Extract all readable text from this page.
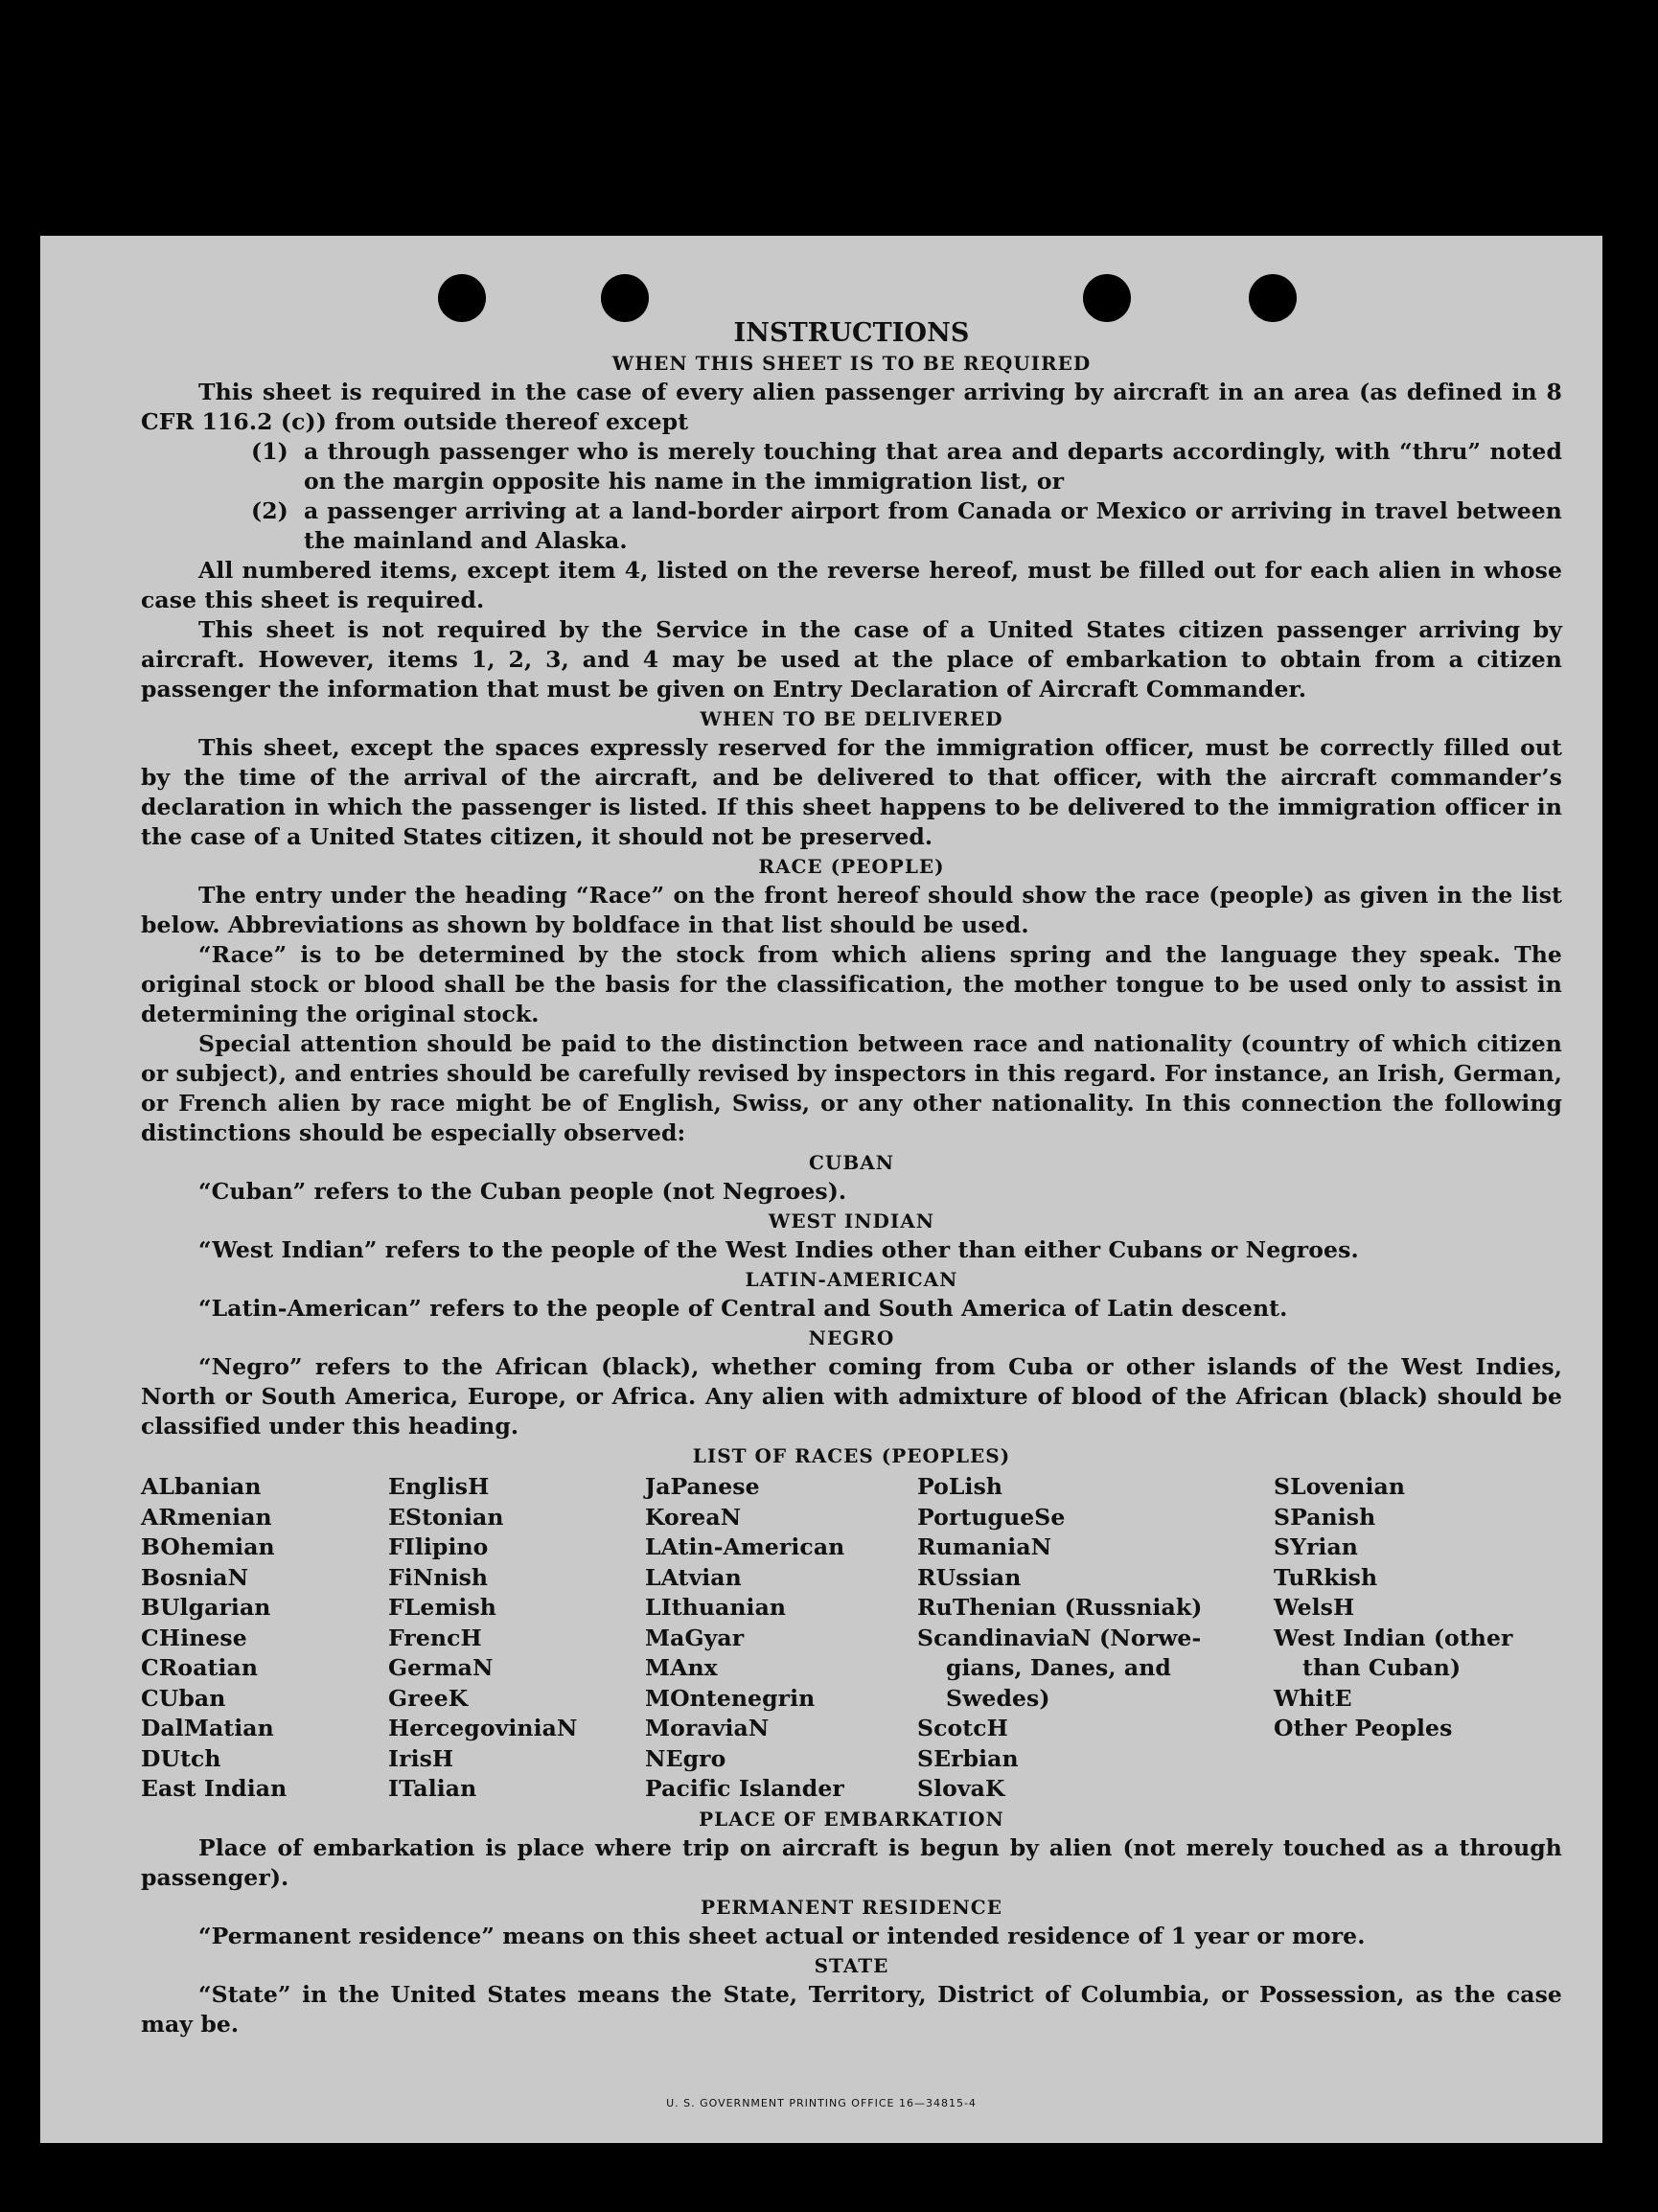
INSTRUCTIONS

WHEN THIS SHEET IS TO BE REQUIRED

This sheet is required in the case of every alien passenger arriving by aircraft in an area (as defined in 8 CFR 116.2 (c)) from outside thereof except

(1) a through passenger who is merely touching that area and departs accordingly, with “thru” noted on the margin opposite his name in the immigration list, or

(2) a passenger arriving at a land-border airport from Canada or Mexico or arriving in travel between the mainland and Alaska.

All numbered items, except item 4, listed on the reverse hereof, must be filled out for each alien in whose case this sheet is required.

This sheet is not required by the Service in the case of a United States citizen passenger arriving by aircraft. However, items 1, 2, 3, and 4 may be used at the place of embarkation to obtain from a citizen passenger the information that must be given on Entry Declaration of Aircraft Commander.

WHEN TO BE DELIVERED

This sheet, except the spaces expressly reserved for the immigration officer, must be correctly filled out by the time of the arrival of the aircraft, and be delivered to that officer, with the aircraft commander’s declaration in which the passenger is listed. If this sheet happens to be delivered to the immigration officer in the case of a United States citizen, it should not be preserved.

RACE (PEOPLE)

The entry under the heading “Race” on the front hereof should show the race (people) as given in the list below. Abbreviations as shown by boldface in that list should be used.

“Race” is to be determined by the stock from which aliens spring and the language they speak. The original stock or blood shall be the basis for the classification, the mother tongue to be used only to assist in determining the original stock.

Special attention should be paid to the distinction between race and nationality (country of which citizen or subject), and entries should be carefully revised by inspectors in this regard. For instance, an Irish, German, or French alien by race might be of English, Swiss, or any other nationality. In this connection the following distinctions should be especially observed:

CUBAN

“Cuban” refers to the Cuban people (not Negroes).

WEST INDIAN

“West Indian” refers to the people of the West Indies other than either Cubans or Negroes.

LATIN-AMERICAN

“Latin-American” refers to the people of Central and South America of Latin descent.

NEGRO

“Negro” refers to the African (black), whether coming from Cuba or other islands of the West Indies, North or South America, Europe, or Africa. Any alien with admixture of blood of the African (black) should be classified under this heading.

LIST OF RACES (PEOPLES)

ALbanian
ARmenian
BOhemian
BosniaN
BUlgarian
CHinese
CRoatian
CUban
DalMatian
DUtch
East Indian
EnglisH
EStonian
FIlipino
FiNnish
FLemish
FrencH
GermaN
GreeK
HercegoviniaN
IrisH
ITalian
JaPanese
KoreaN
LAtin-American
LAtvian
LIthuanian
MaGyar
MAnx
MOntenegrin
MoraviaN
NEgro
Pacific Islander
PoLish
PortugueSe
RumaniaN
RUssian
RuThenian (Russniak)
ScandinaviaN (Norwe-
gians, Danes, and
Swedes)
ScotcH
SErbian
SlovaK
SLovenian
SPanish
SYrian
TuRkish
WelsH
West Indian (other
than Cuban)
WhitE
Other Peoples

PLACE OF EMBARKATION

Place of embarkation is place where trip on aircraft is begun by alien (not merely touched as a through passenger).

PERMANENT RESIDENCE

“Permanent residence” means on this sheet actual or intended residence of 1 year or more.

STATE

“State” in the United States means the State, Territory, District of Columbia, or Possession, as the case may be.

U. S. GOVERNMENT PRINTING OFFICE 16—34815-4
